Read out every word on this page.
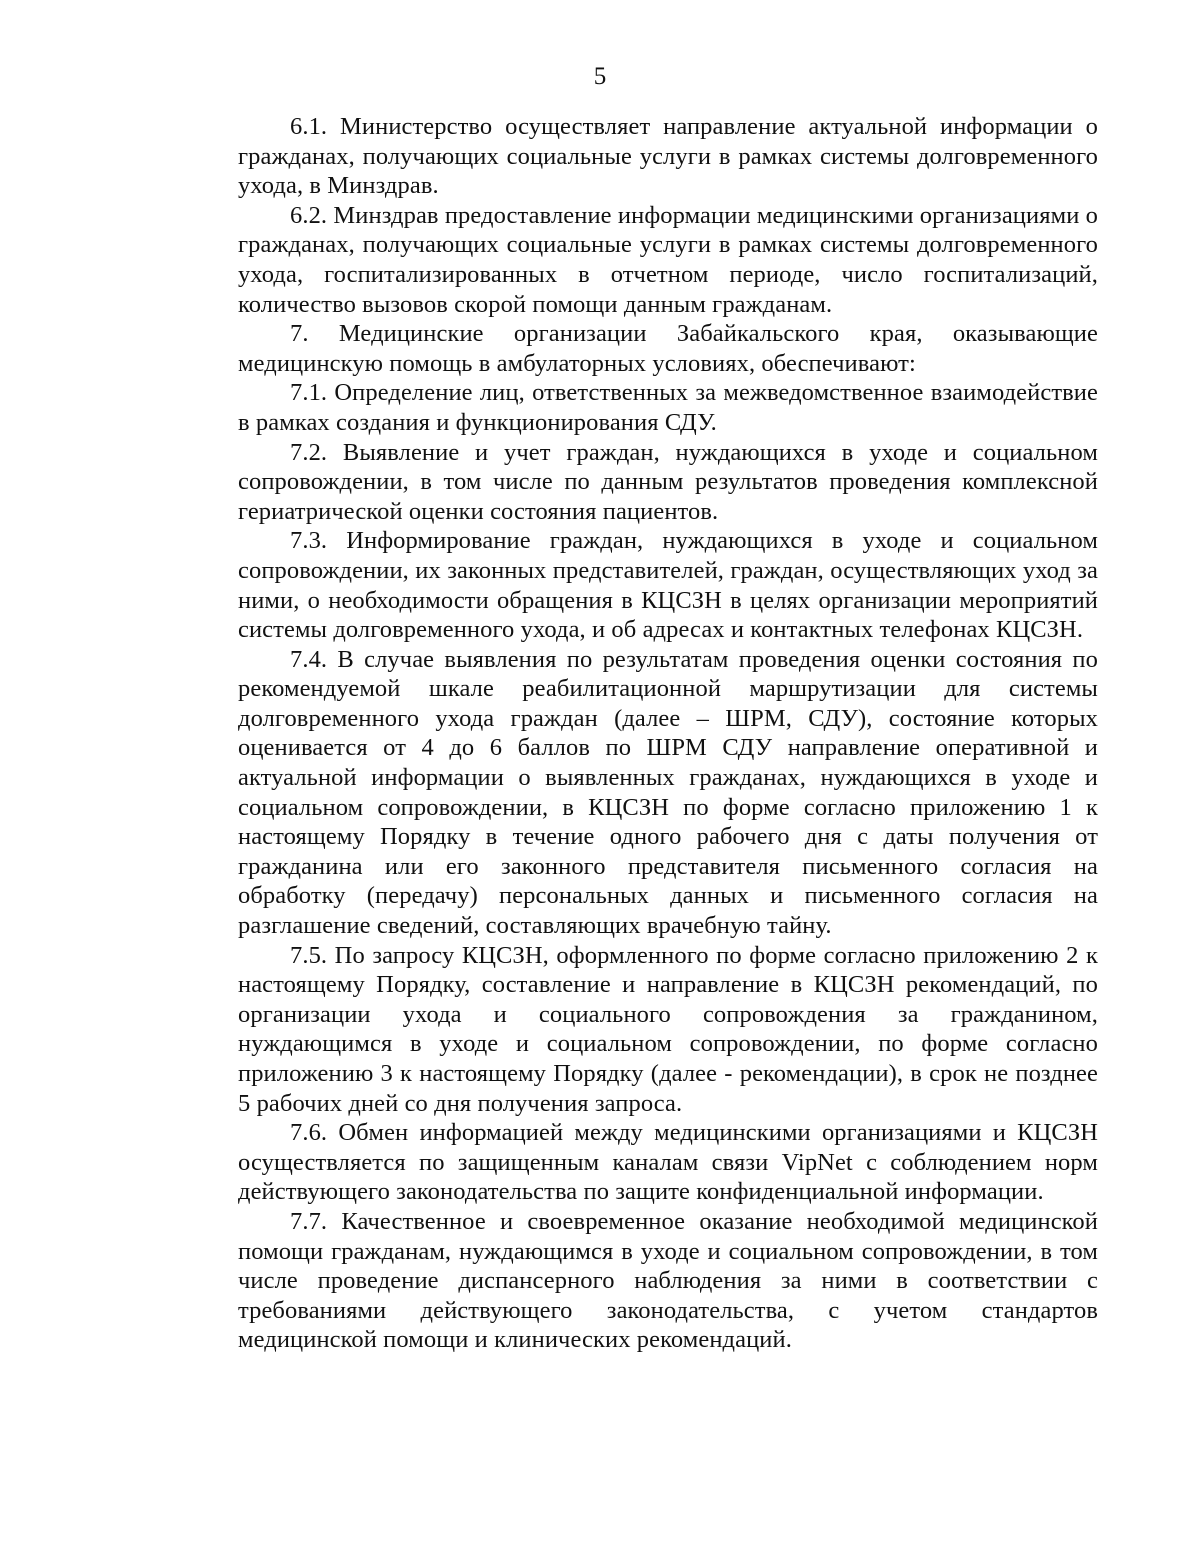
5

6.1. Министерство осуществляет направление актуальной информации о гражданах, получающих социальные услуги в рамках системы долговременного ухода, в Минздрав.

6.2. Минздрав предоставление информации медицинскими организациями о гражданах, получающих социальные услуги в рамках системы долговременного ухода, госпитализированных в отчетном периоде, число госпитализаций, количество вызовов скорой помощи данным гражданам.

7. Медицинские организации Забайкальского края, оказывающие медицинскую помощь в амбулаторных условиях, обеспечивают:

7.1. Определение лиц, ответственных за межведомственное взаимодействие в рамках создания и функционирования СДУ.

7.2. Выявление и учет граждан, нуждающихся в уходе и социальном сопровождении, в том числе по данным результатов проведения комплексной гериатрической оценки состояния пациентов.

7.3. Информирование граждан, нуждающихся в уходе и социальном сопровождении, их законных представителей, граждан, осуществляющих уход за ними, о необходимости обращения в КЦСЗН в целях организации мероприятий системы долговременного ухода, и об адресах и контактных телефонах КЦСЗН.

7.4. В случае выявления по результатам проведения оценки состояния по рекомендуемой шкале реабилитационной маршрутизации для системы долговременного ухода граждан (далее – ШРМ, СДУ), состояние которых оценивается от 4 до 6 баллов по ШРМ СДУ направление оперативной и актуальной информации о выявленных гражданах, нуждающихся в уходе и социальном сопровождении, в КЦСЗН по форме согласно приложению 1 к настоящему Порядку в течение одного рабочего дня с даты получения от гражданина или его законного представителя письменного согласия на обработку (передачу) персональных данных и письменного согласия на разглашение сведений, составляющих врачебную тайну.

7.5. По запросу КЦСЗН, оформленного по форме согласно приложению 2 к настоящему Порядку, составление и направление в КЦСЗН рекомендаций, по организации ухода и социального сопровождения за гражданином, нуждающимся в уходе и социальном сопровождении, по форме согласно приложению 3 к настоящему Порядку (далее - рекомендации), в срок не позднее 5 рабочих дней со дня получения запроса.

7.6. Обмен информацией между медицинскими организациями и КЦСЗН осуществляется по защищенным каналам связи VipNet с соблюдением норм действующего законодательства по защите конфиденциальной информации.

7.7. Качественное и своевременное оказание необходимой медицинской помощи гражданам, нуждающимся в уходе и социальном сопровождении, в том числе проведение диспансерного наблюдения за ними в соответствии с требованиями действующего законодательства, с учетом стандартов медицинской помощи и клинических рекомендаций.
